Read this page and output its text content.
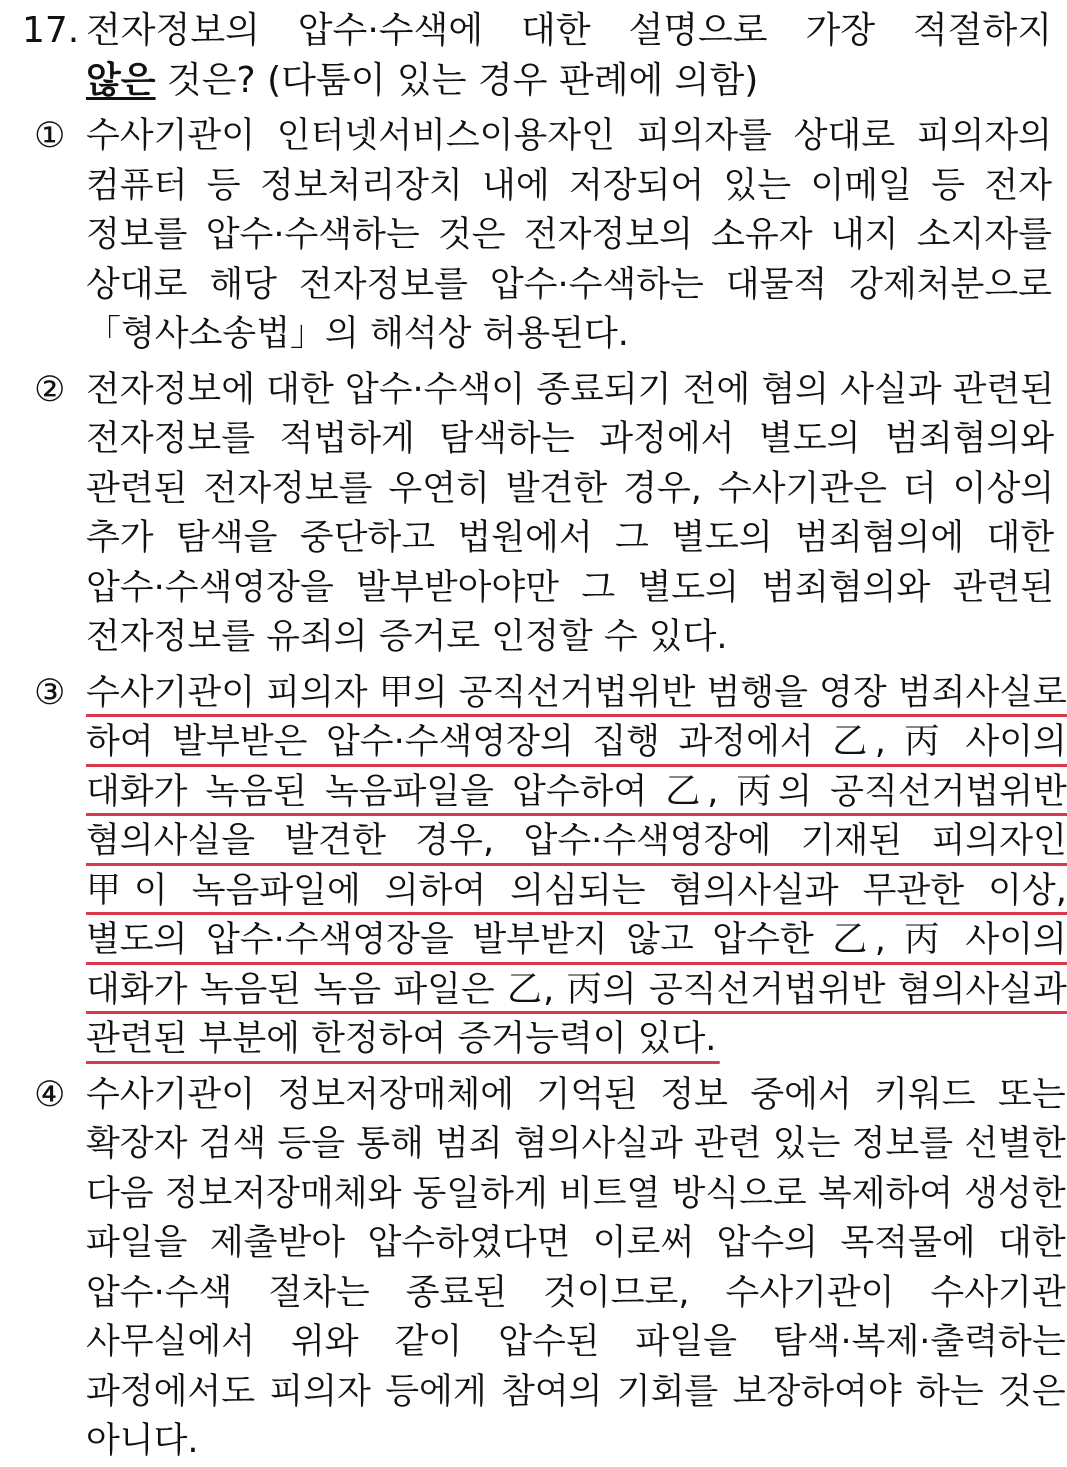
17. 전자정보의 압수·수색에 대한 설명으로 가장 적절하지
않은 것은? (다툼이 있는 경우 판례에 의함)
① 수사기관이 인터넷서비스이용자인 피의자를 상대로 피의자의
컴퓨터 등 정보처리장치 내에 저장되어 있는 이메일 등 전자
정보를 압수·수색하는 것은 전자정보의 소유자 내지 소지자를
상대로 해당 전자정보를 압수·수색하는 대물적 강제처분으로
「형사소송법」의 해석상 허용된다.
② 전자정보에 대한 압수·수색이 종료되기 전에 혐의 사실과 관련된
전자정보를 적법하게 탐색하는 과정에서 별도의 범죄혐의와
관련된 전자정보를 우연히 발견한 경우, 수사기관은 더 이상의
추가 탐색을 중단하고 법원에서 그 별도의 범죄혐의에 대한
압수·수색영장을 발부받아야만 그 별도의 범죄혐의와 관련된
전자정보를 유죄의 증거로 인정할 수 있다.
③ 수사기관이 피의자 甲의 공직선거법위반 범행을 영장 범죄사실로
하여 발부받은 압수·수색영장의 집행 과정에서 乙, 丙 사이의
대화가 녹음된 녹음파일을 압수하여 乙, 丙의 공직선거법위반
혐의사실을 발견한 경우, 압수·수색영장에 기재된 피의자인
甲이 녹음파일에 의하여 의심되는 혐의사실과 무관한 이상,
별도의 압수·수색영장을 발부받지 않고 압수한 乙, 丙 사이의
대화가 녹음된 녹음 파일은 乙, 丙의 공직선거법위반 혐의사실과
관련된 부분에 한정하여 증거능력이 있다.
④ 수사기관이 정보저장매체에 기억된 정보 중에서 키워드 또는
확장자 검색 등을 통해 범죄 혐의사실과 관련 있는 정보를 선별한
다음 정보저장매체와 동일하게 비트열 방식으로 복제하여 생성한
파일을 제출받아 압수하였다면 이로써 압수의 목적물에 대한
압수·수색 절차는 종료된 것이므로, 수사기관이 수사기관
사무실에서 위와 같이 압수된 파일을 탐색·복제·출력하는
과정에서도 피의자 등에게 참여의 기회를 보장하여야 하는 것은
아니다.
